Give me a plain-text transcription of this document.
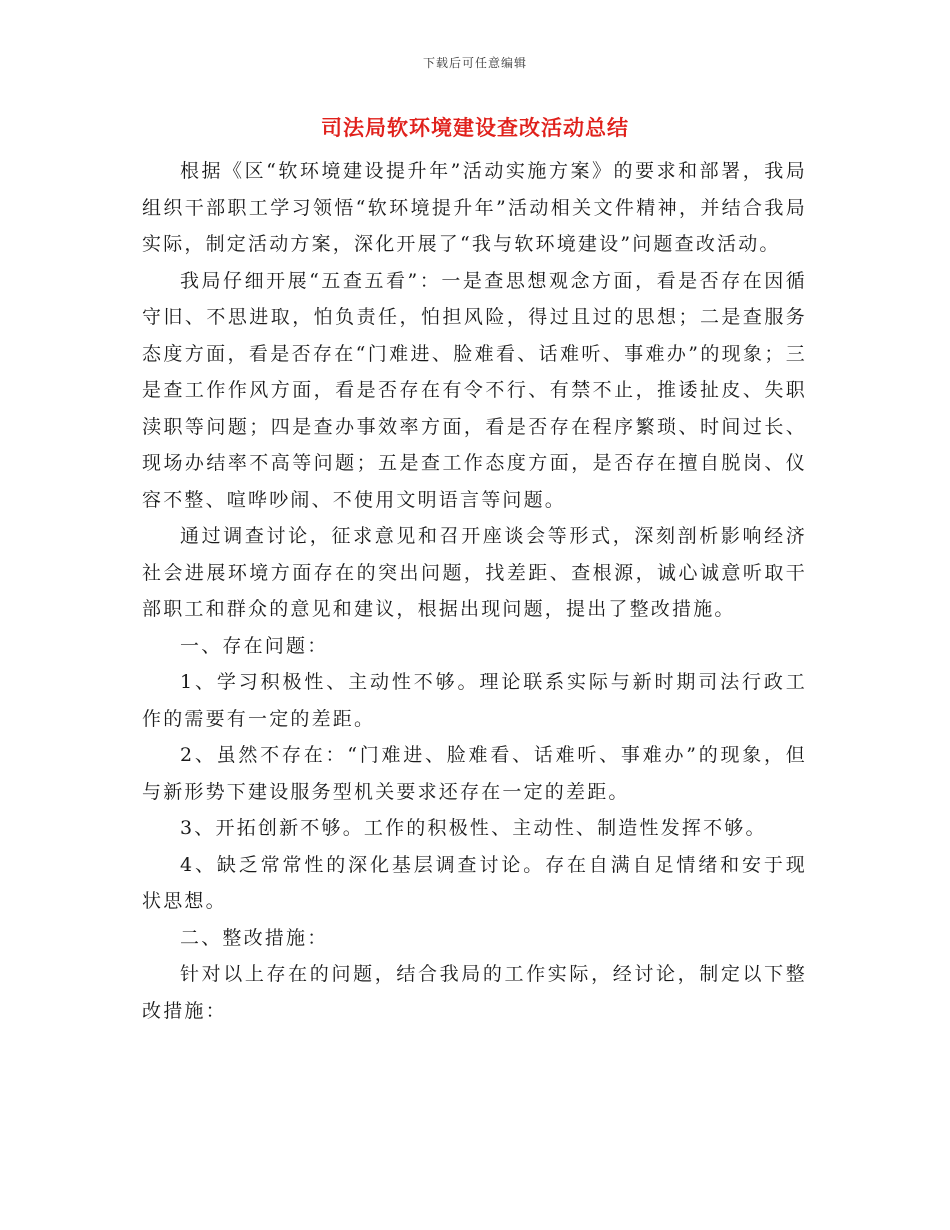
下载后可任意编辑
司法局软环境建设查改活动总结

根据《区“软环境建设提升年”活动实施方案》的要求和部署，我局组织干部职工学习领悟“软环境提升年”活动相关文件精神，并结合我局实际，制定活动方案，深化开展了“我与软环境建设”问题查改活动。

我局仔细开展“五查五看”：一是查思想观念方面，看是否存在因循守旧、不思进取，怕负责任，怕担风险，得过且过的思想；二是查服务态度方面，看是否存在“门难进、脸难看、话难听、事难办”的现象；三是查工作作风方面，看是否存在有令不行、有禁不止，推诿扯皮、失职渎职等问题；四是查办事效率方面，看是否存在程序繁琐、时间过长、现场办结率不高等问题；五是查工作态度方面，是否存在擅自脱岗、仪容不整、喧哗吵闹、不使用文明语言等问题。

通过调查讨论，征求意见和召开座谈会等形式，深刻剖析影响经济社会进展环境方面存在的突出问题，找差距、查根源，诚心诚意听取干部职工和群众的意见和建议，根据出现问题，提出了整改措施。

一、存在问题：

1、学习积极性、主动性不够。理论联系实际与新时期司法行政工作的需要有一定的差距。

2、虽然不存在：“门难进、脸难看、话难听、事难办”的现象，但与新形势下建设服务型机关要求还存在一定的差距。

3、开拓创新不够。工作的积极性、主动性、制造性发挥不够。

4、缺乏常常性的深化基层调查讨论。存在自满自足情绪和安于现状思想。

二、整改措施：

针对以上存在的问题，结合我局的工作实际，经讨论，制定以下整改措施：
